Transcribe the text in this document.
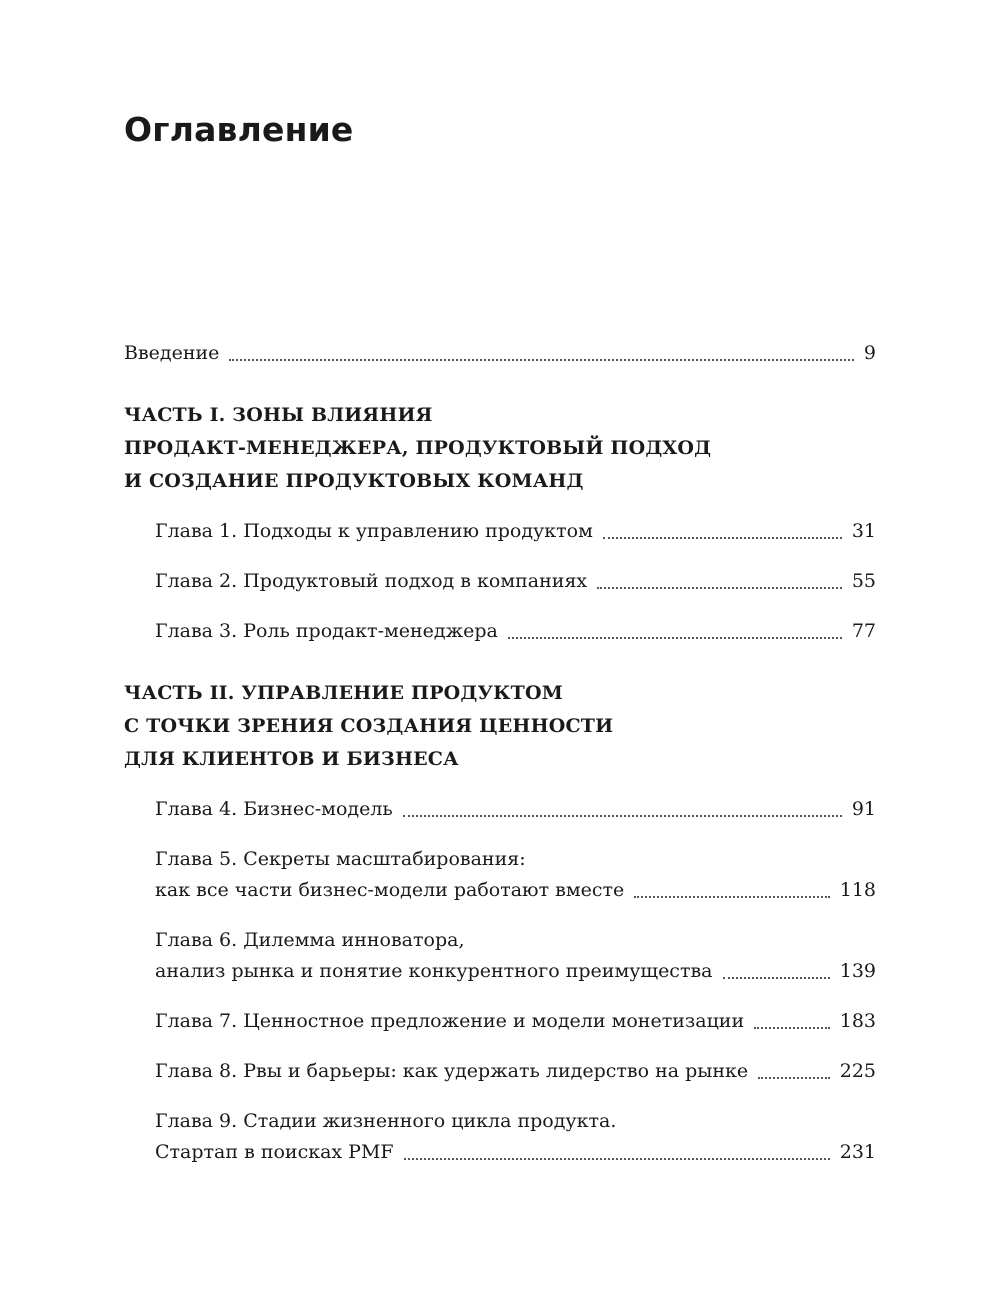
Оглавление
Введение	9
ЧАСТЬ I. ЗОНЫ ВЛИЯНИЯ
ПРОДАКТ-МЕНЕДЖЕРА, ПРОДУКТОВЫЙ ПОДХОД
И СОЗДАНИЕ ПРОДУКТОВЫХ КОМАНД
Глава 1. Подходы к управлению продуктом	31
Глава 2. Продуктовый подход в компаниях	55
Глава 3. Роль продакт-менеджера	77
ЧАСТЬ II. УПРАВЛЕНИЕ ПРОДУКТОМ
С ТОЧКИ ЗРЕНИЯ СОЗДАНИЯ ЦЕННОСТИ
ДЛЯ КЛИЕНТОВ И БИЗНЕСА
Глава 4. Бизнес-модель	91
Глава 5. Секреты масштабирования:
как все части бизнес-модели работают вместе	118
Глава 6. Дилемма инноватора,
анализ рынка и понятие конкурентного преимущества	139
Глава 7. Ценностное предложение и модели монетизации	183
Глава 8. Рвы и барьеры: как удержать лидерство на рынке	225
Глава 9. Стадии жизненного цикла продукта.
Стартап в поисках PMF	231
